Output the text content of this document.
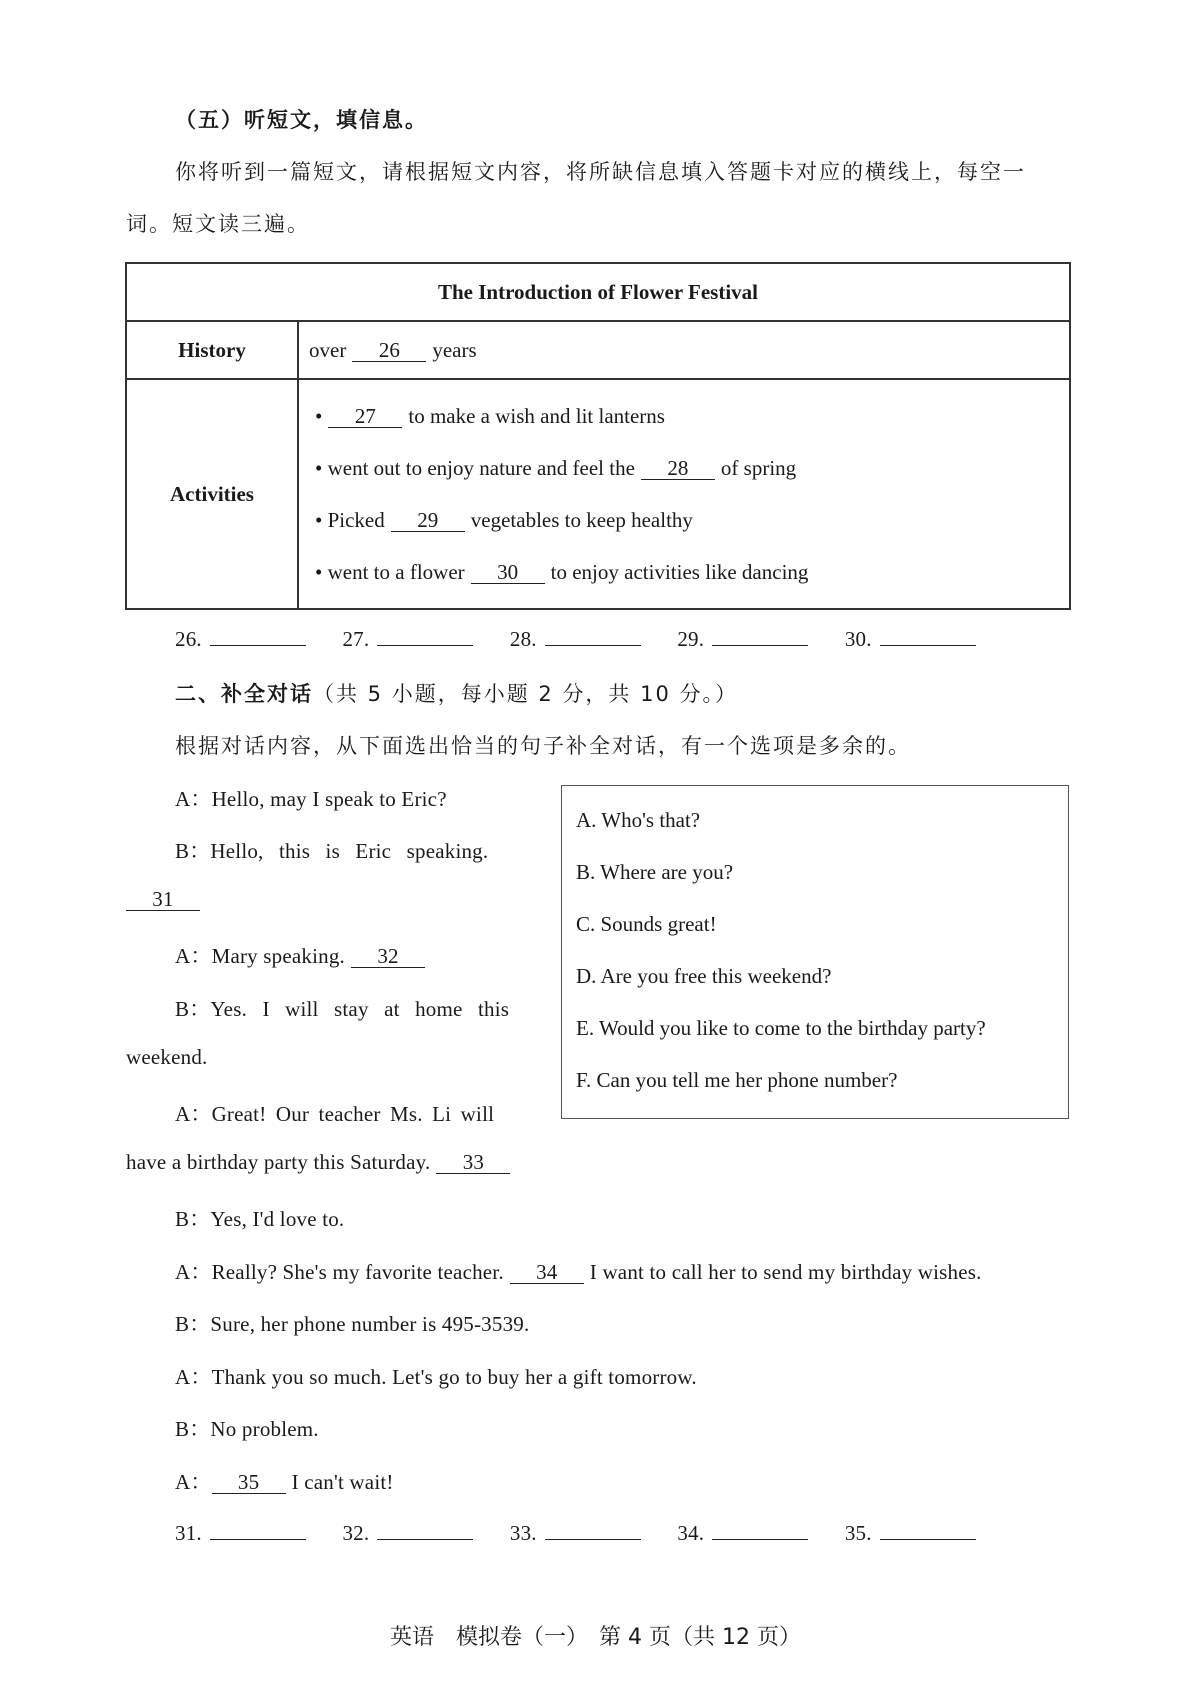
（五）听短文，填信息。
你将听到一篇短文，请根据短文内容，将所缺信息填入答题卡对应的横线上，每空一
词。短文读三遍。
The Introduction of Flower Festival	
History	over 26 years
Activities	• 27 to make a wish and lit lanterns
• went out to enjoy nature and feel the 28 of spring
• Picked 29 vegetables to keep healthy
• went to a flower 30 to enjoy activities like dancing
26.	27.	28.	29.	30.
二、补全对话（共 5 小题，每小题 2 分，共 10 分。）
根据对话内容，从下面选出恰当的句子补全对话，有一个选项是多余的。
A：Hello, may I speak to Eric?
B：Hello, this is Eric speaking.
31
A：Mary speaking. 32
B：Yes. I will stay at home this
weekend.
A：Great! Our teacher Ms. Li will
have a birthday party this Saturday. 33
B：Yes, I'd love to.
A：Really? She's my favorite teacher. 34 I want to call her to send my birthday wishes.
B：Sure, her phone number is 495-3539.
A：Thank you so much. Let's go to buy her a gift tomorrow.
B：No problem.
A： 35 I can't wait!
A. Who's that?
B. Where are you?
C. Sounds great!
D. Are you free this weekend?
E. Would you like to come to the birthday party?
F. Can you tell me her phone number?
31.	32.	33.	34.	35.
英语　模拟卷（一）　第 4 页（共 12 页）
